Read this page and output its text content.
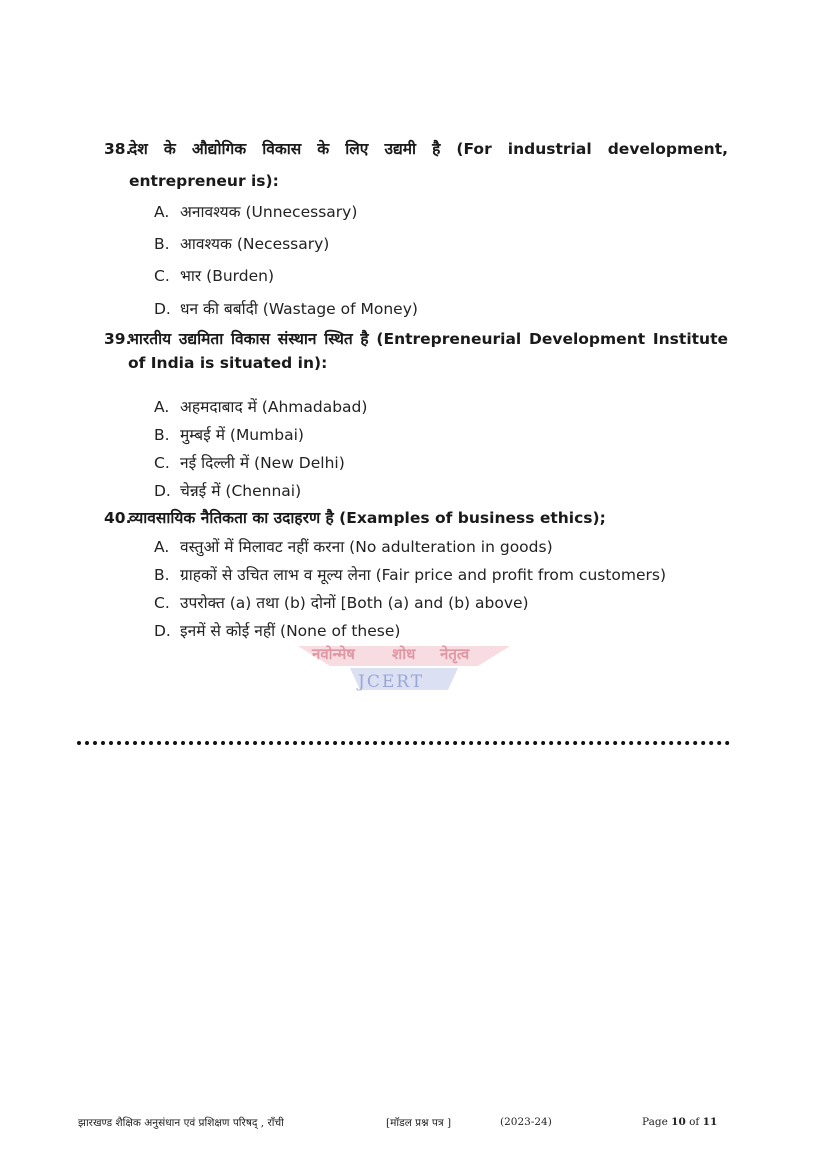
38.
देश के औद्योगिक विकास के लिए उद्यमी है (For industrial development, entrepreneur is):
A. अनावश्यक (Unnecessary)
B. आवश्यक (Necessary)
C. भार (Burden)
D. धन की बर्बादी (Wastage of Money)
39.
भारतीय उद्यमिता विकास संस्थान स्थित है (Entrepreneurial Development Institute of India is situated in):
A. अहमदाबाद में (Ahmadabad)
B. मुम्बई में (Mumbai)
C. नई दिल्ली में (New Delhi)
D. चेन्नई में (Chennai)
40.
व्यावसायिक नैतिकता का उदाहरण है (Examples of business ethics);
A. वस्तुओं में मिलावट नहीं करना (No adulteration in goods)
B. ग्राहकों से उचित लाभ व मूल्य लेना (Fair price and profit from customers)
C. उपरोक्त (a) तथा (b) दोनों [Both (a) and (b) above)
D. इनमें से कोई नहीं (None of these)
नवोन्मेष शोध नेतृत्व
JCERT
झारखण्ड शैक्षिक अनुसंधान एवं प्रशिक्षण परिषद् , राँची	[मॉडल प्रश्न पत्र ]	(2023-24)	Page 10 of 11
